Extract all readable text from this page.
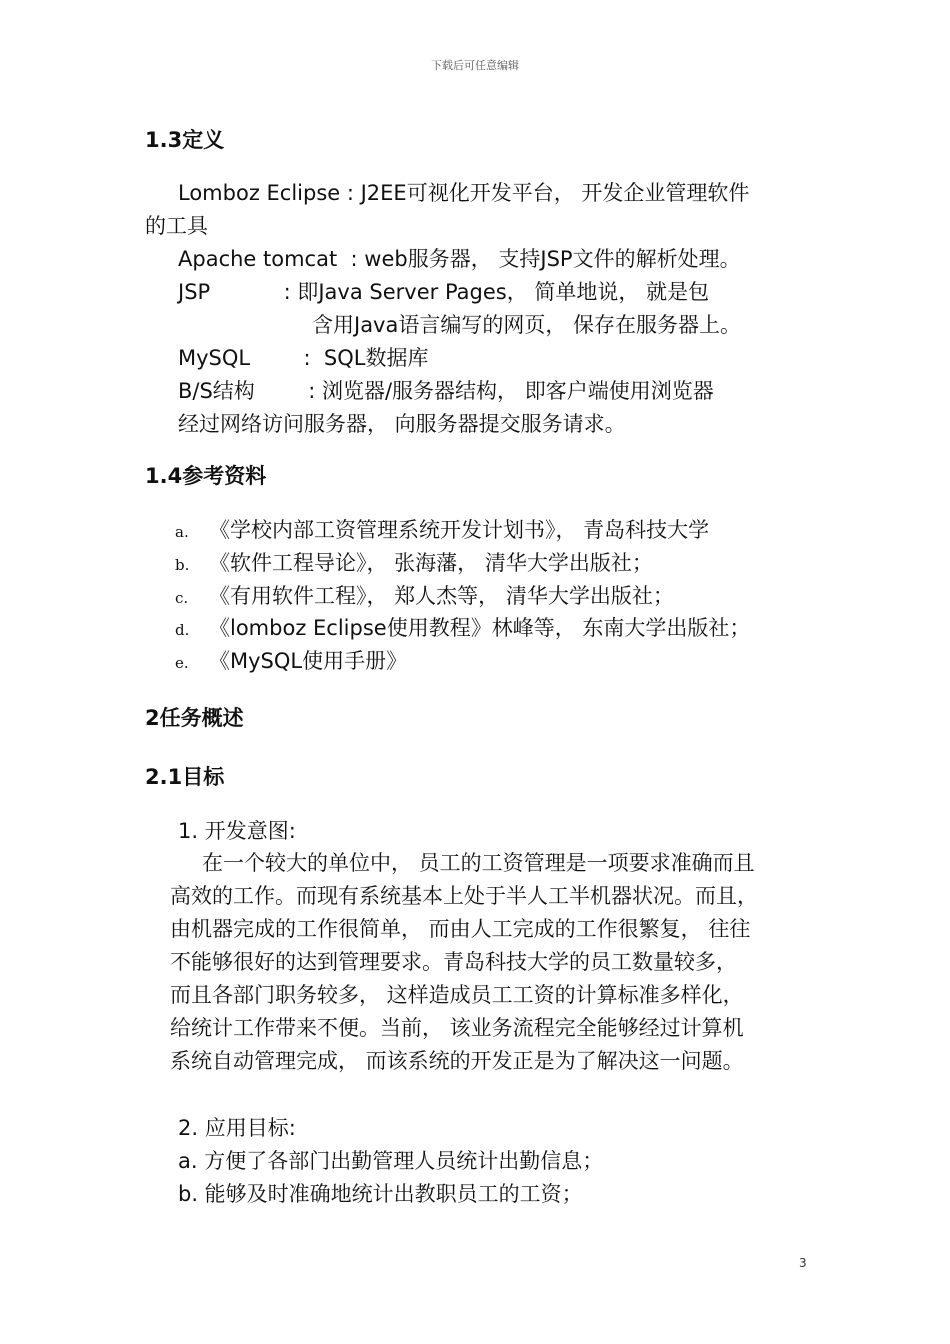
下载后可任意编辑
1.3定义
Lomboz Eclipse : J2EE可视化开发平台， 开发企业管理软件
的工具
Apache tomcat  : web服务器， 支持JSP文件的解析处理。
JSP           : 即Java Server Pages， 简单地说， 就是包
含用Java语言编写的网页， 保存在服务器上。
MySQL        :  SQL数据库
B/S结构        : 浏览器/服务器结构， 即客户端使用浏览器
经过网络访问服务器， 向服务器提交服务请求。
1.4参考资料
a. 《学校内部工资管理系统开发计划书》， 青岛科技大学
b. 《软件工程导论》， 张海藩， 清华大学出版社；
c. 《有用软件工程》， 郑人杰等， 清华大学出版社；
d. 《lomboz Eclipse使用教程》林峰等， 东南大学出版社；
e. 《MySQL使用手册》
2任务概述
2.1目标
1. 开发意图:
在一个较大的单位中， 员工的工资管理是一项要求准确而且
高效的工作。而现有系统基本上处于半人工半机器状况。而且，
由机器完成的工作很简单， 而由人工完成的工作很繁复， 往往
不能够很好的达到管理要求。青岛科技大学的员工数量较多，
而且各部门职务较多， 这样造成员工工资的计算标准多样化，
给统计工作带来不便。当前， 该业务流程完全能够经过计算机
系统自动管理完成， 而该系统的开发正是为了解决这一问题。
2. 应用目标:
a. 方便了各部门出勤管理人员统计出勤信息；
b. 能够及时准确地统计出教职员工的工资；
3
